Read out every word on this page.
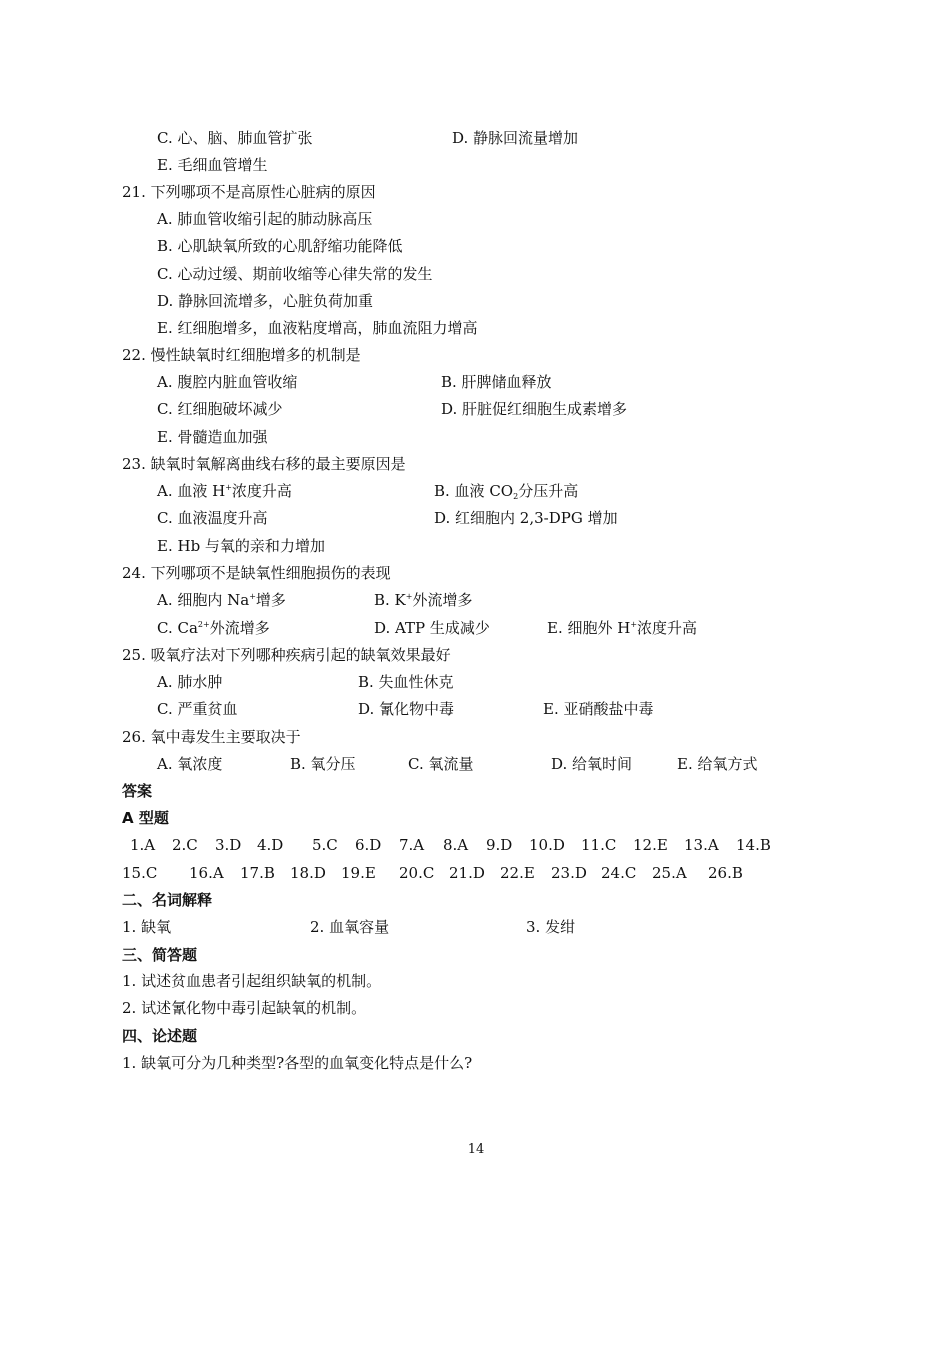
C. 心、脑、肺血管扩张	D. 静脉回流量增加
E. 毛细血管增生
21. 下列哪项不是高原性心脏病的原因
A. 肺血管收缩引起的肺动脉高压
B. 心肌缺氧所致的心肌舒缩功能降低
C. 心动过缓、期前收缩等心律失常的发生
D. 静脉回流增多，心脏负荷加重
E. 红细胞增多，血液粘度增高，肺血流阻力增高
22. 慢性缺氧时红细胞增多的机制是
A. 腹腔内脏血管收缩	B. 肝脾储血释放
C. 红细胞破坏减少	D. 肝脏促红细胞生成素增多
E. 骨髓造血加强
23. 缺氧时氧解离曲线右移的最主要原因是
A. 血液 H+浓度升高	B. 血液 $CO_2$分压升高
C. 血液温度升高	D. 红细胞内 2,3-DPG 增加
E. Hb 与氧的亲和力增加
24. 下列哪项不是缺氧性细胞损伤的表现
A. 细胞内 Na+增多	B. K+外流增多
C. $Ca^{2+}$外流增多	D. ATP 生成减少	E. 细胞外 H+浓度升高
25. 吸氧疗法对下列哪种疾病引起的缺氧效果最好
A. 肺水肿	B. 失血性休克
C. 严重贫血	D. 氰化物中毒	E. 亚硝酸盐中毒
26. 氧中毒发生主要取决于
A. 氧浓度	B. 氧分压	C. 氧流量	D. 给氧时间	E. 给氧方式
答案
A 型题
1.A 2.C 3.D 4.D 5.C 6.D 7.A 8.A 9.D 10.D 11.C 12.E 13.A 14.B
15.C 16.A 17.B 18.D 19.E 20.C 21.D 22.E 23.D 24.C 25.A 26.B
二、名词解释
1. 缺氧	2. 血氧容量	3. 发绀
三、简答题
1. 试述贫血患者引起组织缺氧的机制。
2. 试述氰化物中毒引起缺氧的机制。
四、论述题
1. 缺氧可分为几种类型?各型的血氧变化特点是什么?
14
